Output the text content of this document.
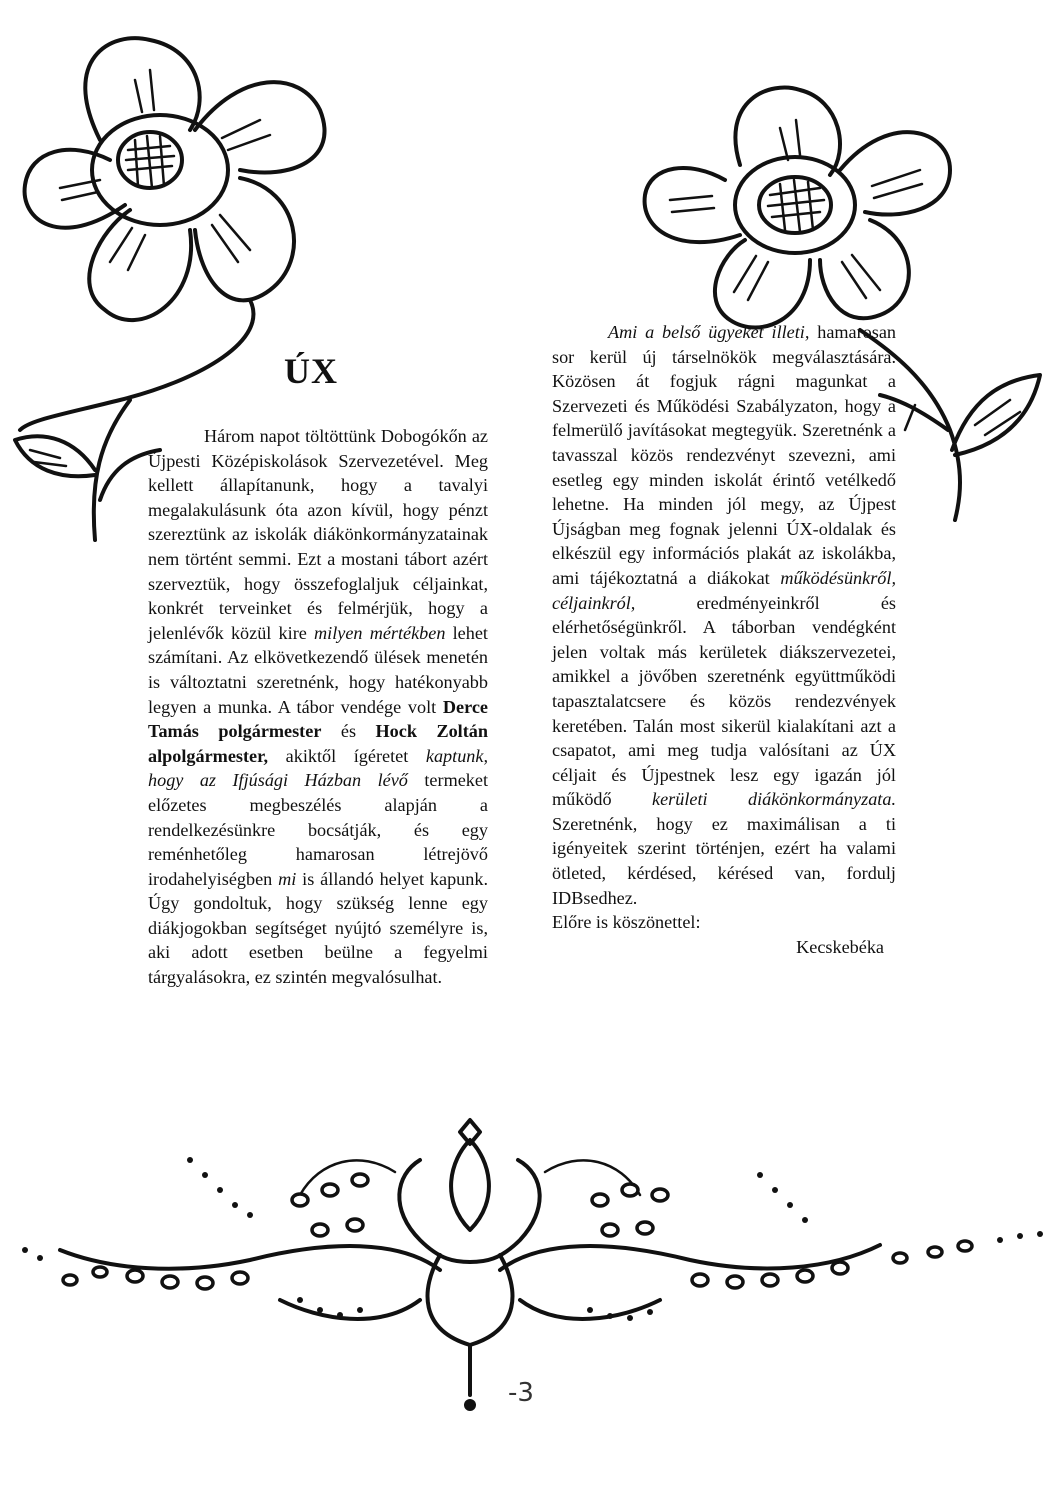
ÚX

Három napot töltöttünk Dobogókőn az Újpesti Középiskolások Szervezetével. Meg kellett állapítanunk, hogy a tavalyi megalakulásunk óta azon kívül, hogy pénzt szereztünk az iskolák diákönkormányzatainak nem történt semmi. Ezt a mostani tábort azért szerveztük, hogy összefoglaljuk céljainkat, konkrét terveinket és felmérjük, hogy a jelenlévők közül kire milyen mértékben lehet számítani. Az elkövetkezendő ülések menetén is változtatni szeretnénk, hogy hatékonyabb legyen a munka. A tábor vendége volt Derce Tamás polgármester és Hock Zoltán alpolgármester, akiktől ígéretet kaptunk, hogy az Ifjúsági Házban lévő termeket előzetes megbeszélés alapján a rendelkezésünkre bocsátják, és egy reménhetőleg hamarosan létrejövő irodahelyiségben mi is állandó helyet kapunk. Úgy gondoltuk, hogy szükség lenne egy diákjogokban segítséget nyújtó személyre is, aki adott esetben beülne a fegyelmi tárgyalásokra, ez szintén megvalósulhat.

Ami a belső ügyeket illeti, hamarosan sor kerül új társelnökök megválasztására. Közösen át fogjuk rágni magunkat a Szervezeti és Működési Szabályzaton, hogy a felmerülő javításokat megtegyük. Szeretnénk a tavasszal közös rendezvényt szevezni, ami esetleg egy minden iskolát érintő vetélkedő lehetne. Ha minden jól megy, az Újpest Újságban meg fognak jelenni ÚX-oldalak és elkészül egy információs plakát az iskolákba, ami tájékoztatná a diákokat működésünkről, céljainkról, eredményeinkről és elérhetőségünkről. A táborban vendégként jelen voltak más kerületek diákszervezetei, amikkel a jövőben szeretnénk együttműködi tapasztalatcsere és közös rendezvények keretében. Talán most sikerül kialakítani azt a csapatot, ami meg tudja valósítani az ÚX céljait és Újpestnek lesz egy igazán jól működő kerületi diákönkormányzata. Szeretnénk, hogy ez maximálisan a ti igényeitek szerint történjen, ezért ha valami ötleted, kérdésed, kérésed van, fordulj IDBsedhez.

Előre is köszönettel:

Kecskebéka

-3
